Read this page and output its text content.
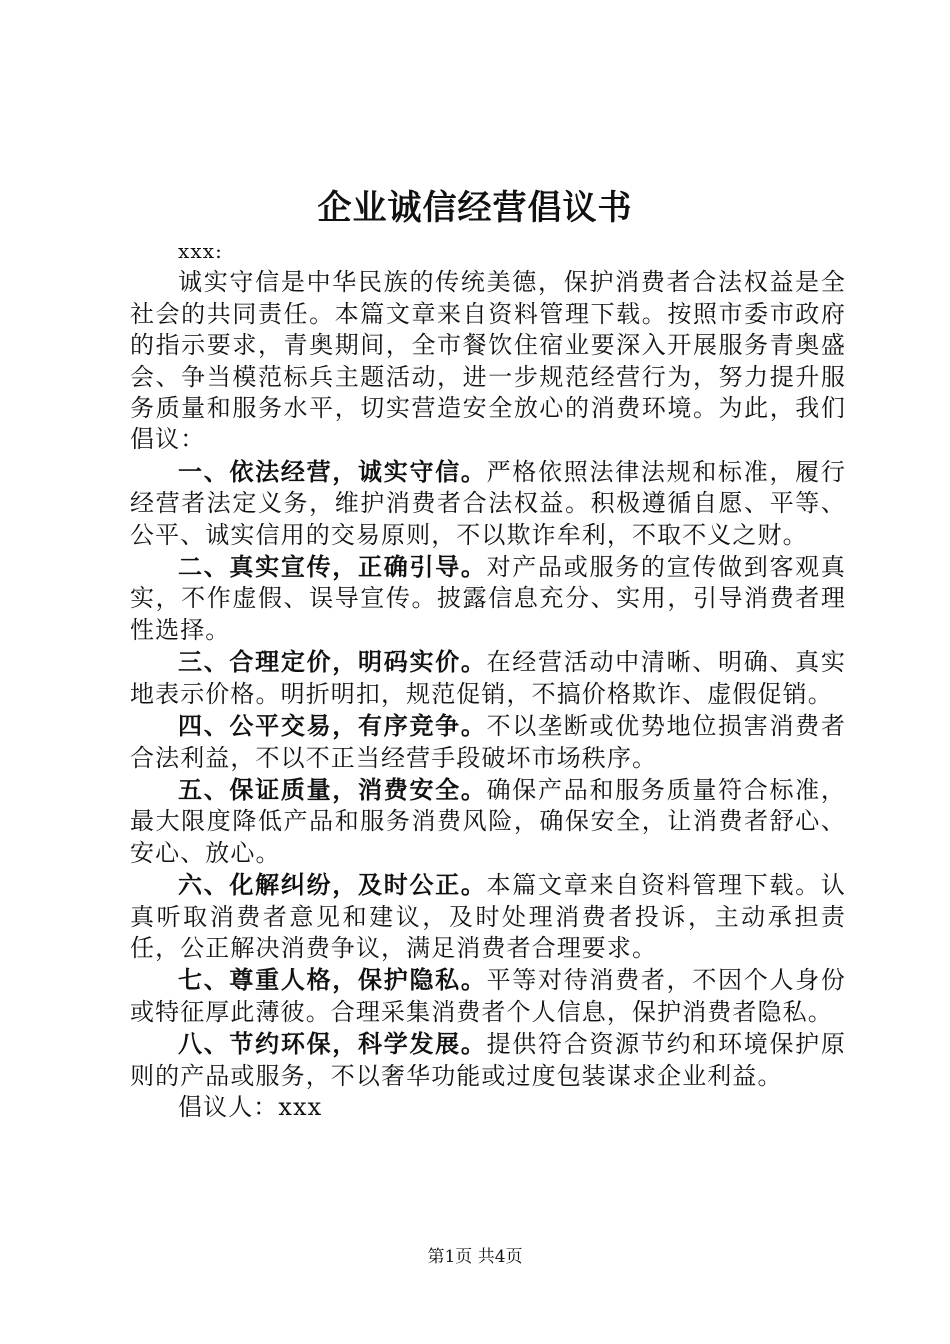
企业诚信经营倡议书

xxx:

诚实守信是中华民族的传统美德，保护消费者合法权益是全社会的共同责任。本篇文章来自资料管理下载。按照市委市政府的指示要求，青奥期间，全市餐饮住宿业要深入开展服务青奥盛会、争当模范标兵主题活动，进一步规范经营行为，努力提升服务质量和服务水平，切实营造安全放心的消费环境。为此，我们倡议：

一、依法经营，诚实守信。严格依照法律法规和标准，履行经营者法定义务，维护消费者合法权益。积极遵循自愿、平等、公平、诚实信用的交易原则，不以欺诈牟利，不取不义之财。

二、真实宣传，正确引导。对产品或服务的宣传做到客观真实，不作虚假、误导宣传。披露信息充分、实用，引导消费者理性选择。

三、合理定价，明码实价。在经营活动中清晰、明确、真实地表示价格。明折明扣，规范促销，不搞价格欺诈、虚假促销。

四、公平交易，有序竞争。不以垄断或优势地位损害消费者合法利益，不以不正当经营手段破坏市场秩序。

五、保证质量，消费安全。确保产品和服务质量符合标准，最大限度降低产品和服务消费风险，确保安全，让消费者舒心、安心、放心。

六、化解纠纷，及时公正。本篇文章来自资料管理下载。认真听取消费者意见和建议，及时处理消费者投诉，主动承担责任，公正解决消费争议，满足消费者合理要求。

七、尊重人格，保护隐私。平等对待消费者，不因个人身份或特征厚此薄彼。合理采集消费者个人信息，保护消费者隐私。

八、节约环保，科学发展。提供符合资源节约和环境保护原则的产品或服务，不以奢华功能或过度包装谋求企业利益。

倡议人：xxx

第1页 共4页
